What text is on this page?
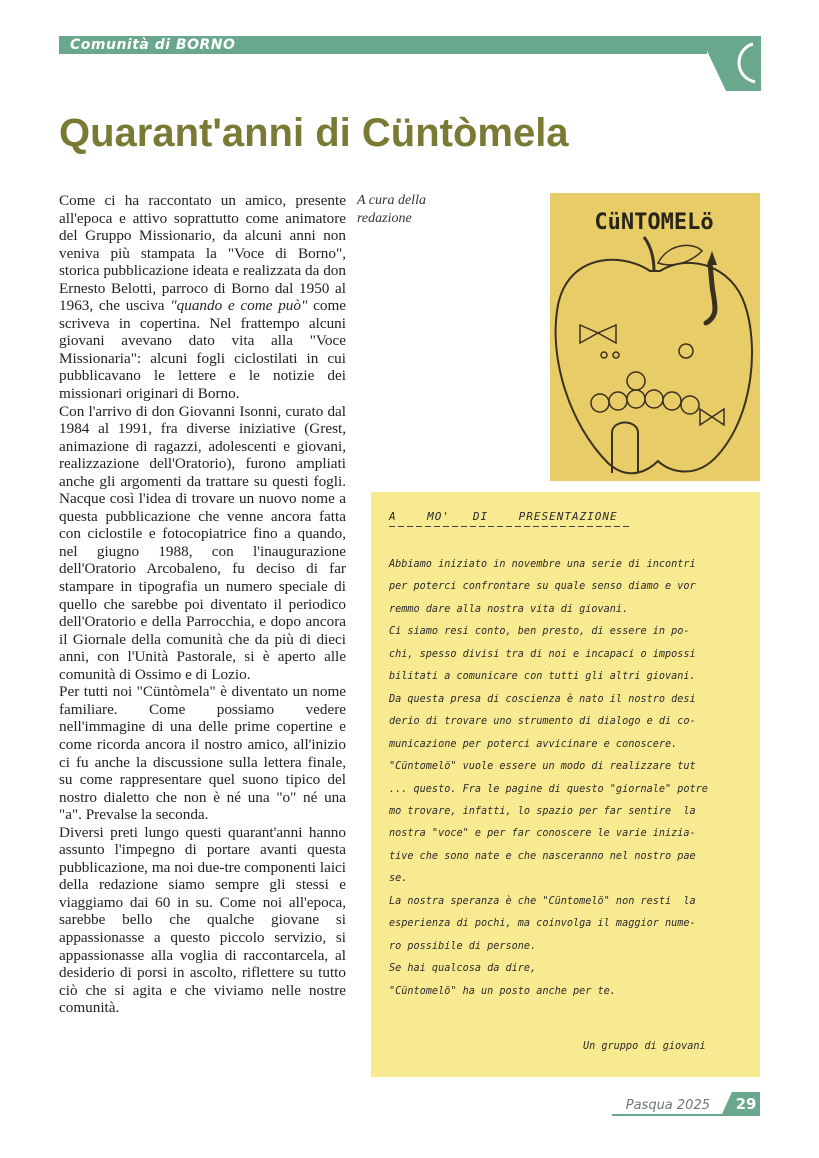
Comunità di BORNO
Quarant'anni di Cüntòmela

Come ci ha raccontato un amico, presente all'epoca e attivo soprattutto come animatore del Gruppo Missionario, da alcuni anni non veniva più stampata la "Voce di Borno", storica pubblicazione ideata e realizzata da don Ernesto Belotti, parroco di Borno dal 1950 al 1963, che usciva "quando e come può" come scriveva in copertina. Nel frattempo alcuni giovani avevano dato vita alla "Voce Missionaria": alcuni fogli ciclostilati in cui pubblicavano le lettere e le notizie dei missionari originari di Borno.

Con l'arrivo di don Giovanni Isonni, curato dal 1984 al 1991, fra diverse iniziative (Grest, animazione di ragazzi, adolescenti e giovani, realizzazione dell'Oratorio), furono ampliati anche gli argomenti da trattare su questi fogli. Nacque così l'idea di trovare un nuovo nome a questa pubblicazione che venne ancora fatta con ciclostile e fotocopiatrice fino a quando, nel giugno 1988, con l'inaugurazione dell'Oratorio Arcobaleno, fu deciso di far stampare in tipografia un numero speciale di quello che sarebbe poi diventato il periodico dell'Oratorio e della Parrocchia, e dopo ancora il Giornale della comunità che da più di dieci anni, con l'Unità Pastorale, si è aperto alle comunità di Ossimo e di Lozio.

Per tutti noi "Cüntòmela" è diventato un nome familiare. Come possiamo vedere nell'immagine di una delle prime copertine e come ricorda ancora il nostro amico, all'inizio ci fu anche la discussione sulla lettera finale, su come rappresentare quel suono tipico del nostro dialetto che non è né una "o" né una "a". Prevalse la seconda.

Diversi preti lungo questi quarant'anni hanno assunto l'impegno di portare avanti questa pubblicazione, ma noi due-tre componenti laici della redazione siamo sempre gli stessi e viaggiamo dai 60 in su. Come noi all'epoca, sarebbe bello che qualche giovane si appassionasse a questo piccolo servizio, si appassionasse alla voglia di raccontarcela, al desiderio di porsi in ascolto, riflettere su tutto ciò che si agita e che viviamo nelle nostre comunità.

A cura della redazione	CüNTOMELö
A    MO'   DI    PRESENTAZIONE
Abbiamo iniziato in novembre una serie di incontri
per poterci confrontare su quale senso diamo e vor
remmo dare alla nostra vita di giovani.
Ci siamo resi conto, ben presto, di essere in po-
chi, spesso divisi tra di noi e incapaci o impossi
bilitati a comunicare con tutti gli altri giovani.
Da questa presa di coscienza è nato il nostro desi
derio di trovare uno strumento di dialogo e di co-
municazione per poterci avvicinare e conoscere.
"Cüntomelö" vuole essere un modo di realizzare tut
... questo. Fra le pagine di questo "giornale" potre
mo trovare, infatti, lo spazio per far sentire  la
nostra "voce" e per far conoscere le varie inizia-
tive che sono nate e che nasceranno nel nostro pae
se.
La nostra speranza è che "Cüntomelö" non resti  la
esperienza di pochi, ma coinvolga il maggior nume-
ro possibile di persone.
Se hai qualcosa da dire,
"Cüntomelö" ha un posto anche per te.
Un gruppo di giovani
Pasqua 2025 29
